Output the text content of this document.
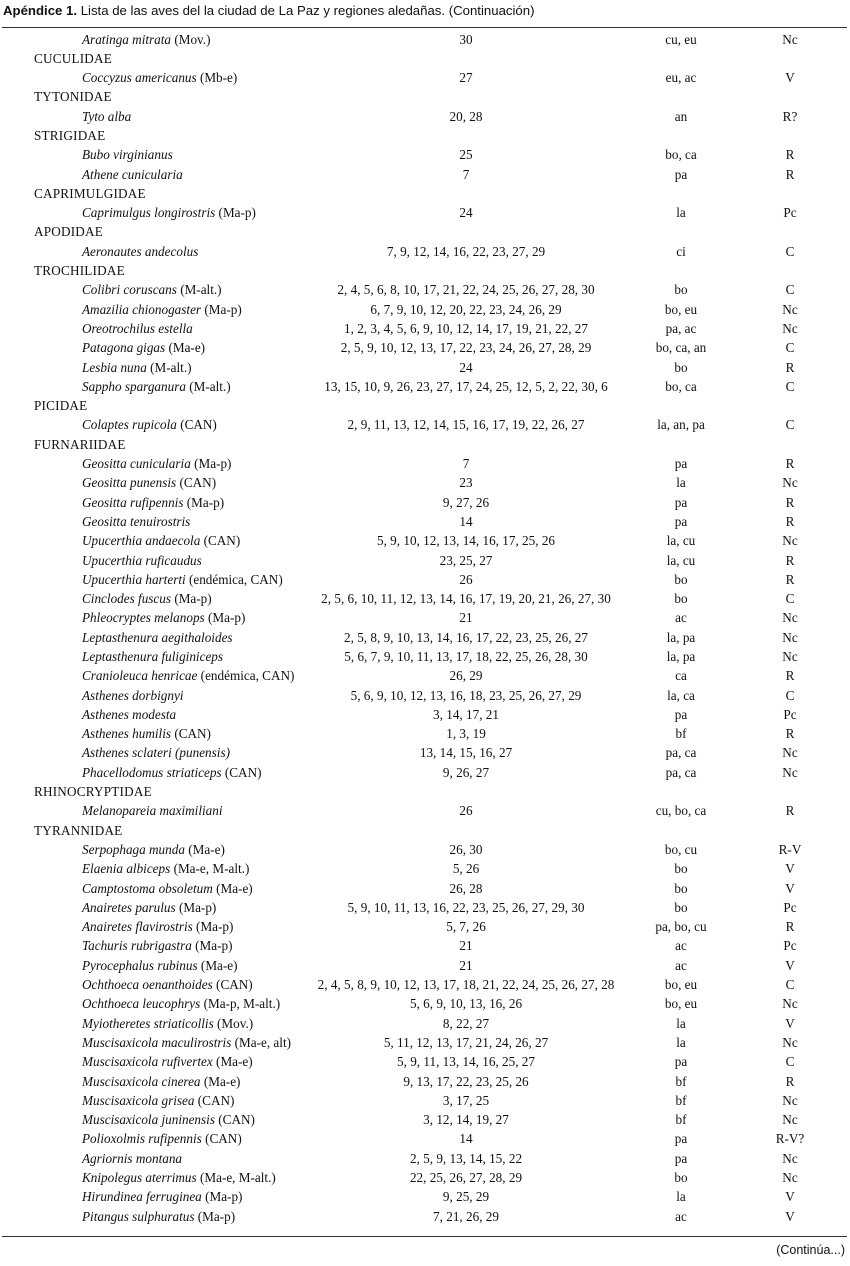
Apéndice 1. Lista de las aves del la ciudad de La Paz y regiones aledañas. (Continuación)
Aratinga mitrata (Mov.)	30	cu, eu	Nc
CUCULIDAE
Coccyzus americanus (Mb-e)	27	eu, ac	V
TYTONIDAE
Tyto alba	20, 28	an	R?
STRIGIDAE
Bubo virginianus	25	bo, ca	R
Athene cunicularia	7	pa	R
CAPRIMULGIDAE
Caprimulgus longirostris (Ma-p)	24	la	Pc
APODIDAE
Aeronautes andecolus	7, 9, 12, 14, 16, 22, 23, 27, 29	ci	C
TROCHILIDAE
Colibri coruscans (M-alt.)	2, 4, 5, 6, 8, 10, 17, 21, 22, 24, 25, 26, 27, 28, 30	bo	C
Amazilia chionogaster (Ma-p)	6, 7, 9, 10, 12, 20, 22, 23, 24, 26, 29	bo, eu	Nc
Oreotrochilus estella	1, 2, 3, 4, 5, 6, 9, 10, 12, 14, 17, 19, 21, 22, 27	pa, ac	Nc
Patagona gigas (Ma-e)	2, 5, 9, 10, 12, 13, 17, 22, 23, 24, 26, 27, 28, 29	bo, ca, an	C
Lesbia nuna (M-alt.)	24	bo	R
Sappho sparganura (M-alt.)	13, 15, 10, 9, 26, 23, 27, 17, 24, 25, 12, 5, 2, 22, 30, 6	bo, ca	C
PICIDAE
Colaptes rupicola (CAN)	2, 9, 11, 13, 12, 14, 15, 16, 17, 19, 22, 26, 27	la, an, pa	C
FURNARIIDAE
Geositta cunicularia (Ma-p)	7	pa	R
Geositta punensis (CAN)	23	la	Nc
Geositta rufipennis (Ma-p)	9, 27, 26	pa	R
Geositta tenuirostris	14	pa	R
Upucerthia andaecola (CAN)	5, 9, 10, 12, 13, 14, 16, 17, 25, 26	la, cu	Nc
Upucerthia ruficaudus	23, 25, 27	la, cu	R
Upucerthia harterti (endémica, CAN)	26	bo	R
Cinclodes fuscus (Ma-p)	2, 5, 6, 10, 11, 12, 13, 14, 16, 17, 19, 20, 21, 26, 27, 30	bo	C
Phleocryptes melanops (Ma-p)	21	ac	Nc
Leptasthenura aegithaloides	2, 5, 8, 9, 10, 13, 14, 16, 17, 22, 23, 25, 26, 27	la, pa	Nc
Leptasthenura fuliginiceps	5, 6, 7, 9, 10, 11, 13, 17, 18, 22, 25, 26, 28, 30	la, pa	Nc
Cranioleuca henricae (endémica, CAN)	26, 29	ca	R
Asthenes dorbignyi	5, 6, 9, 10, 12, 13, 16, 18, 23, 25, 26, 27, 29	la, ca	C
Asthenes modesta	3, 14, 17, 21	pa	Pc
Asthenes humilis (CAN)	1, 3, 19	bf	R
Asthenes sclateri (punensis)	13, 14, 15, 16, 27	pa, ca	Nc
Phacellodomus striaticeps (CAN)	9, 26, 27	pa, ca	Nc
RHINOCRYPTIDAE
Melanopareia maximiliani	26	cu, bo, ca	R
TYRANNIDAE
Serpophaga munda (Ma-e)	26, 30	bo, cu	R-V
Elaenia albiceps (Ma-e, M-alt.)	5, 26	bo	V
Camptostoma obsoletum (Ma-e)	26, 28	bo	V
Anairetes parulus (Ma-p)	5, 9, 10, 11, 13, 16, 22, 23, 25, 26, 27, 29, 30	bo	Pc
Anairetes flavirostris (Ma-p)	5, 7, 26	pa, bo, cu	R
Tachuris rubrigastra (Ma-p)	21	ac	Pc
Pyrocephalus rubinus (Ma-e)	21	ac	V
Ochthoeca oenanthoides (CAN)	2, 4, 5, 8, 9, 10, 12, 13, 17, 18, 21, 22, 24, 25, 26, 27, 28	bo, eu	C
Ochthoeca leucophrys (Ma-p, M-alt.)	5, 6, 9, 10, 13, 16, 26	bo, eu	Nc
Myiotheretes striaticollis (Mov.)	8, 22, 27	la	V
Muscisaxicola maculirostris (Ma-e, alt)	5, 11, 12, 13, 17, 21, 24, 26, 27	la	Nc
Muscisaxicola rufivertex (Ma-e)	5, 9, 11, 13, 14, 16, 25, 27	pa	C
Muscisaxicola cinerea (Ma-e)	9, 13, 17, 22, 23, 25, 26	bf	R
Muscisaxicola grisea (CAN)	3, 17, 25	bf	Nc
Muscisaxicola juninensis (CAN)	3, 12, 14, 19, 27	bf	Nc
Polioxolmis rufipennis (CAN)	14	pa	R-V?
Agriornis montana	2, 5, 9, 13, 14, 15, 22	pa	Nc
Knipolegus aterrimus (Ma-e, M-alt.)	22, 25, 26, 27, 28, 29	bo	Nc
Hirundinea ferruginea (Ma-p)	9, 25, 29	la	V
Pitangus sulphuratus (Ma-p)	7, 21, 26, 29	ac	V
(Continúa...)
